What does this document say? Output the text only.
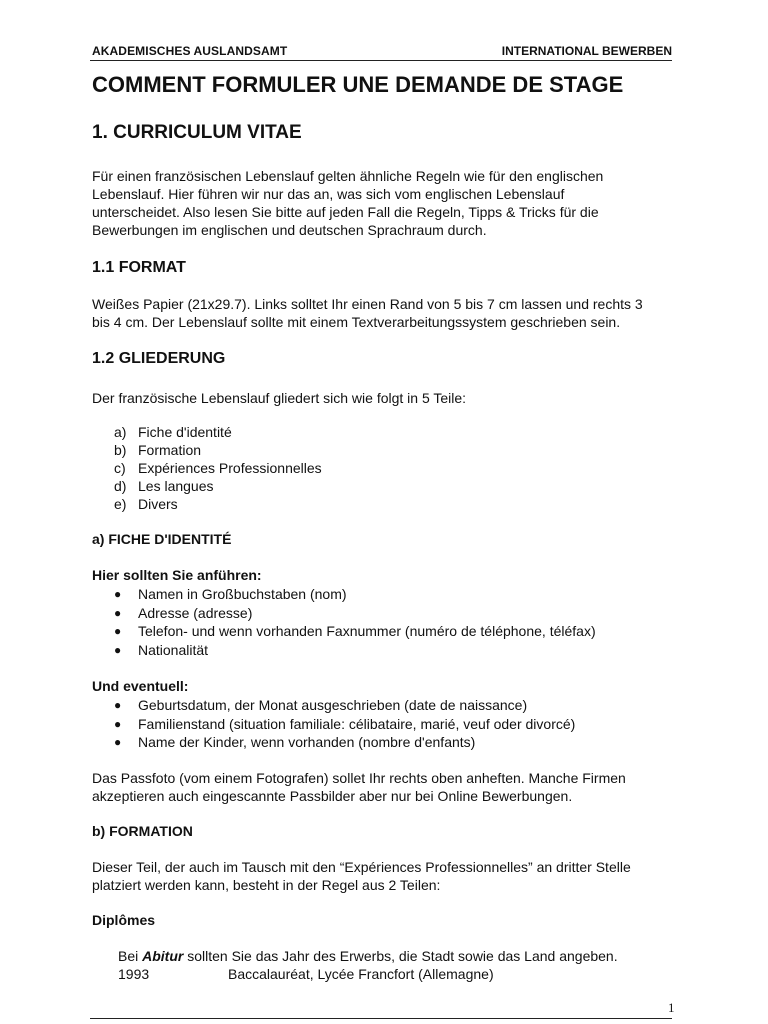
AKADEMISCHES AUSLANDSAMT	INTERNATIONAL BEWERBEN
COMMENT FORMULER UNE DEMANDE DE STAGE
1. CURRICULUM VITAE

Für einen französischen Lebenslauf gelten ähnliche Regeln wie für den englischen

Lebenslauf. Hier führen wir nur das an, was sich vom englischen Lebenslauf

unterscheidet. Also lesen Sie bitte auf jeden Fall die Regeln, Tipps & Tricks für die

Bewerbungen im englischen und deutschen Sprachraum durch.

1.1 FORMAT

Weißes Papier (21x29.7). Links solltet Ihr einen Rand von 5 bis 7 cm lassen und rechts 3

bis 4 cm. Der Lebenslauf sollte mit einem Textverarbeitungssystem geschrieben sein.

1.2 GLIEDERUNG

Der französische Lebenslauf gliedert sich wie folgt in 5 Teile:

a) Fiche d'identité
b) Formation
c) Expériences Professionnelles
d) Les langues
e) Divers
a) FICHE D'IDENTITÉ
Hier sollten Sie anführen:
●	Namen in Großbuchstaben (nom)
●	Adresse (adresse)
●	Telefon- und wenn vorhanden Faxnummer (numéro de téléphone, téléfax)
●	Nationalität
Und eventuell:
●	Geburtsdatum, der Monat ausgeschrieben (date de naissance)
●	Familienstand (situation familiale: célibataire, marié, veuf oder divorcé)
●	Name der Kinder, wenn vorhanden (nombre d'enfants)

Das Passfoto (vom einem Fotografen) sollet Ihr rechts oben anheften. Manche Firmen

akzeptieren auch eingescannte Passbilder aber nur bei Online Bewerbungen.

b) FORMATION

Dieser Teil, der auch im Tausch mit den “Expériences Professionnelles” an dritter Stelle

platziert werden kann, besteht in der Regel aus 2 Teilen:

Diplômes
Bei Abitur sollten Sie das Jahr des Erwerbs, die Stadt sowie das Land angeben.
1993	Baccalauréat, Lycée Francfort (Allemagne)
1
